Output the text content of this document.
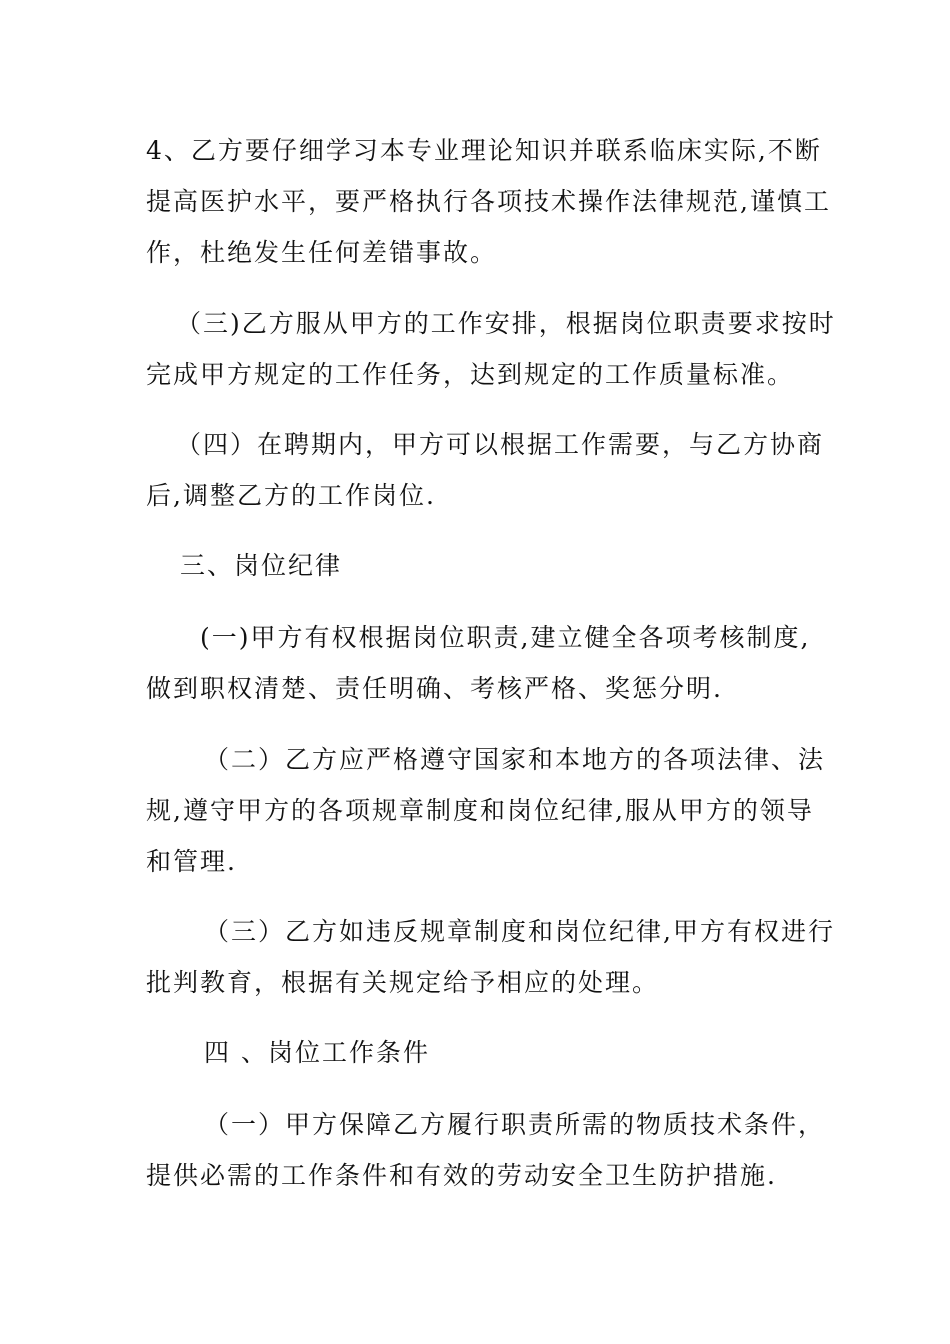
4、乙方要仔细学习本专业理论知识并联系临床实际,不断
提高医护水平，要严格执行各项技术操作法律规范,谨慎工
作，杜绝发生任何差错事故。
（三)乙方服从甲方的工作安排，根据岗位职责要求按时
完成甲方规定的工作任务，达到规定的工作质量标准。
（四）在聘期内，甲方可以根据工作需要，与乙方协商
后,调整乙方的工作岗位.
三、岗位纪律
(一)甲方有权根据岗位职责,建立健全各项考核制度,
做到职权清楚、责任明确、考核严格、奖惩分明.
（二）乙方应严格遵守国家和本地方的各项法律、法
规,遵守甲方的各项规章制度和岗位纪律,服从甲方的领导
和管理.
（三）乙方如违反规章制度和岗位纪律,甲方有权进行
批判教育，根据有关规定给予相应的处理。
四 、岗位工作条件
（一）甲方保障乙方履行职责所需的物质技术条件，
提供必需的工作条件和有效的劳动安全卫生防护措施.
